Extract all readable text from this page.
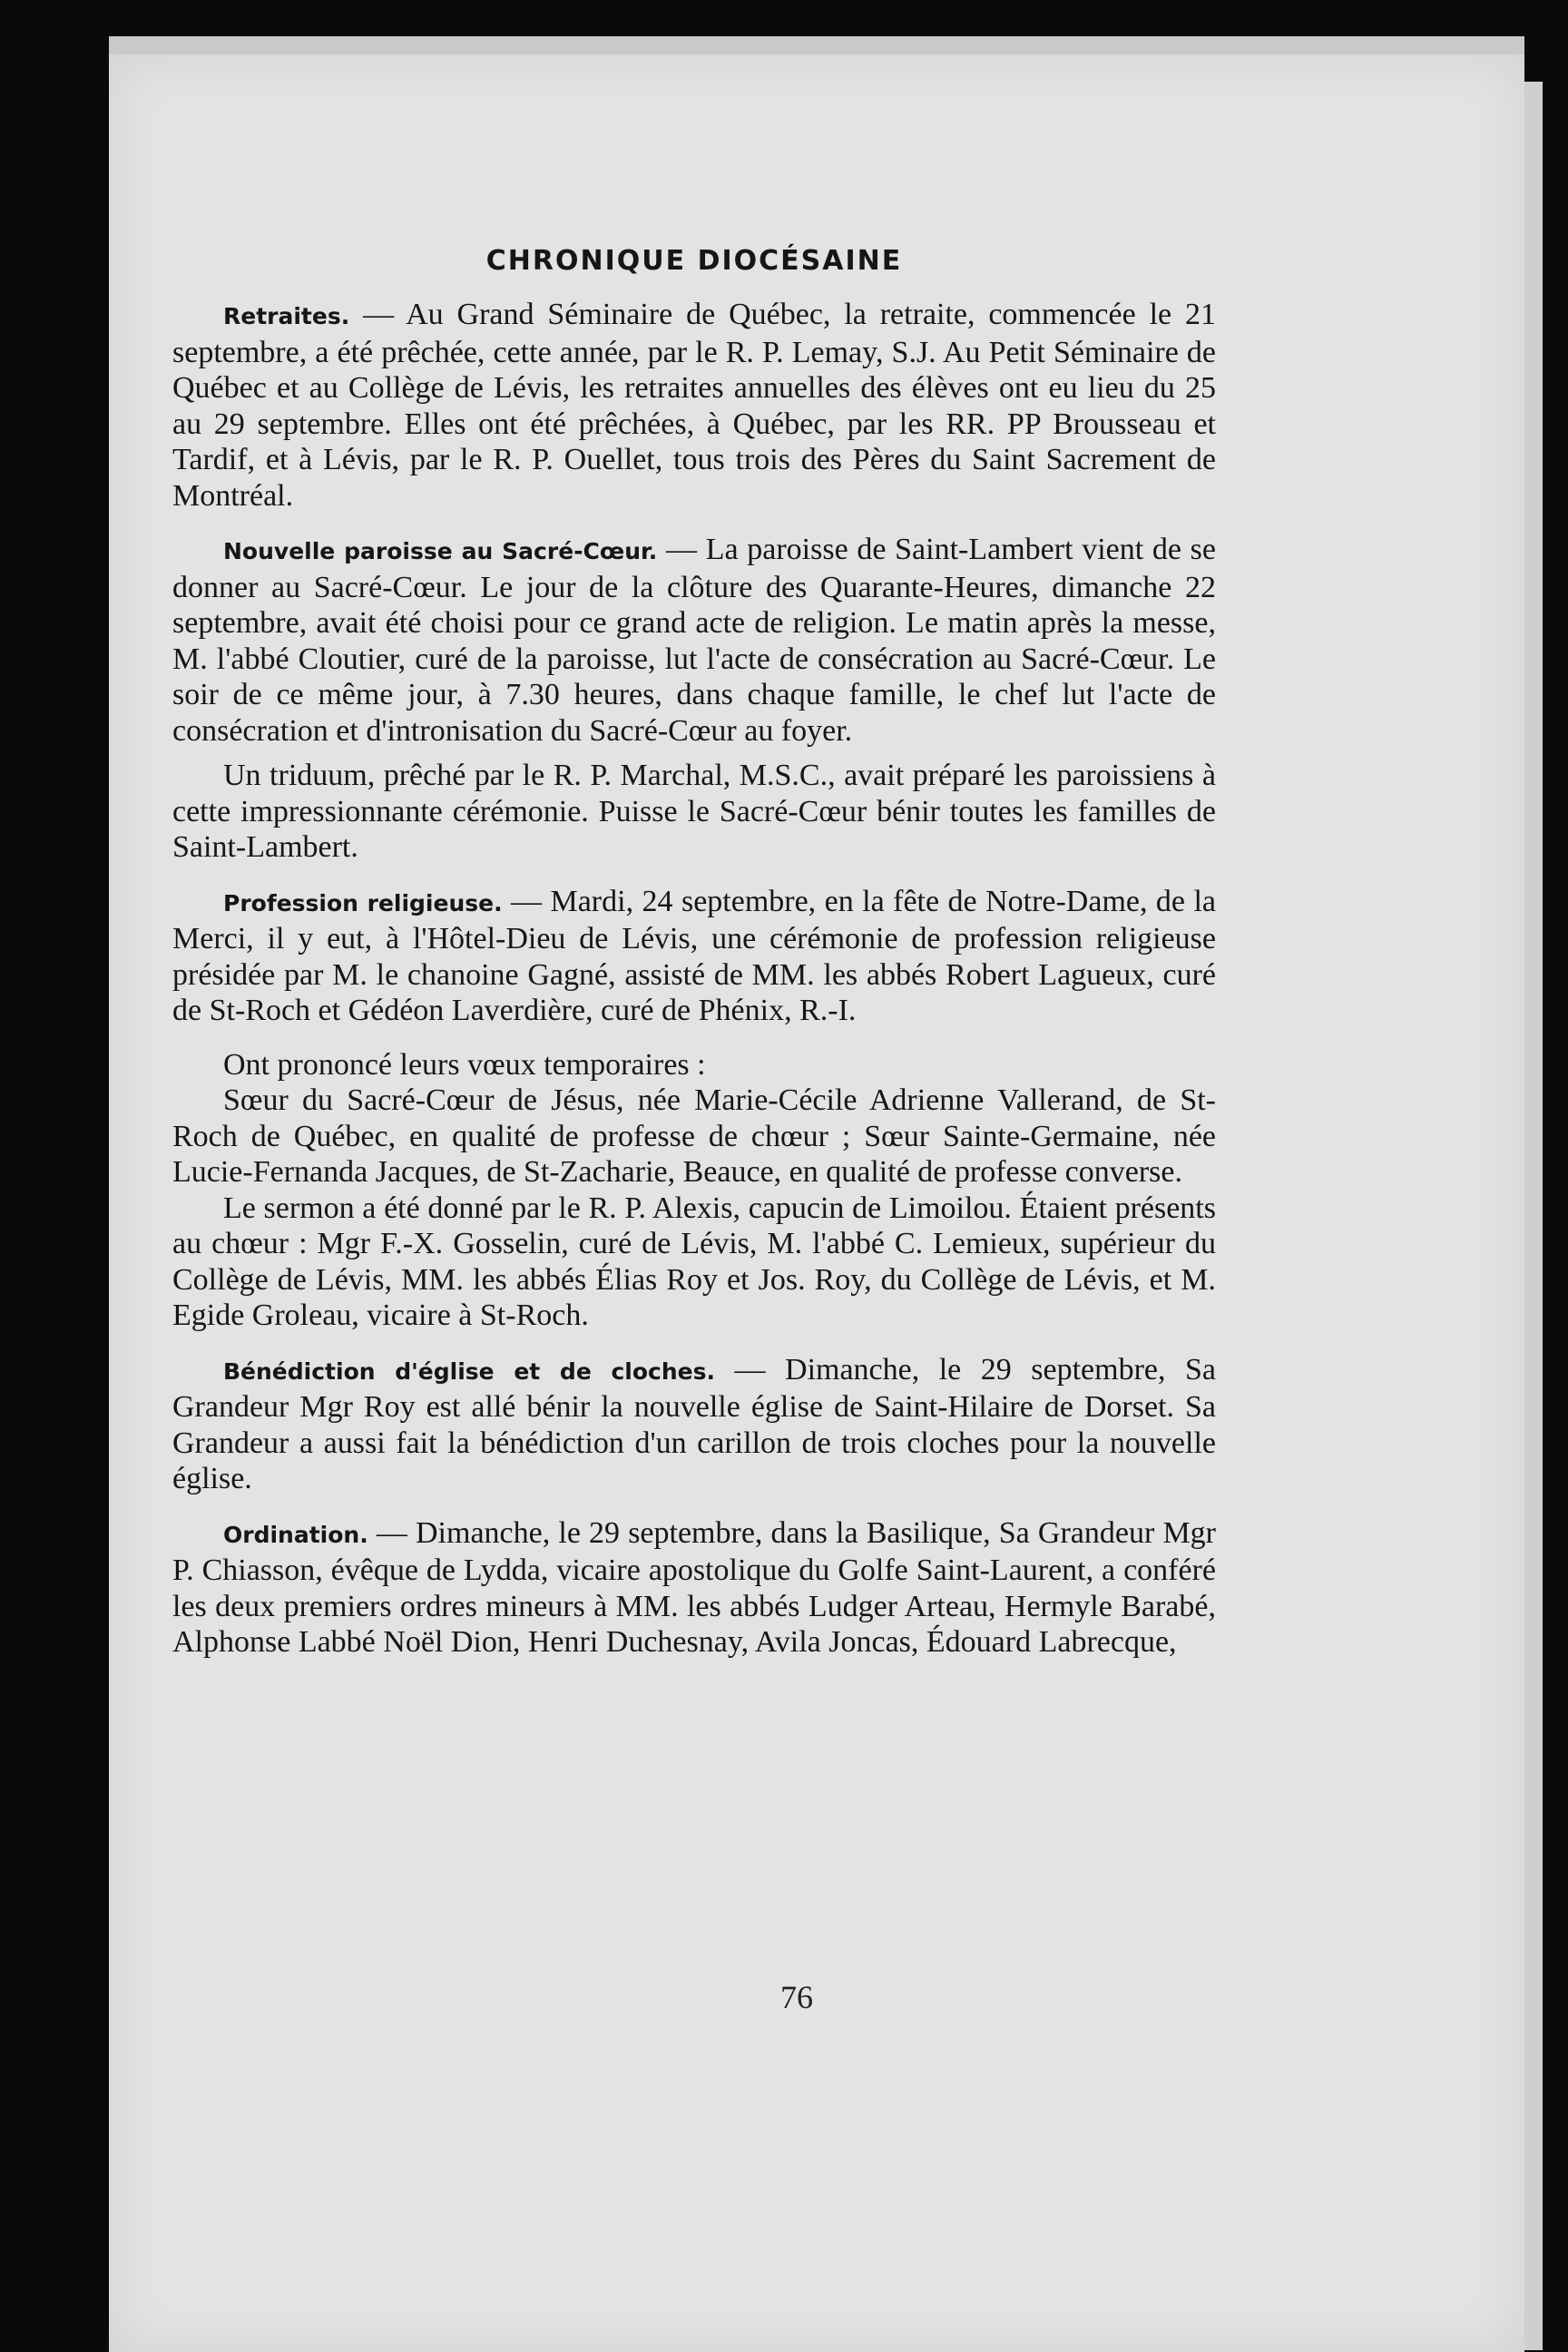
CHRONIQUE DIOCÉSAINE

Retraites. — Au Grand Séminaire de Québec, la retraite, commencée le 21 septembre, a été prêchée, cette année, par le R. P. Lemay, S.J. Au Petit Séminaire de Québec et au Collège de Lévis, les retraites annuelles des élèves ont eu lieu du 25 au 29 septembre. Elles ont été prêchées, à Québec, par les RR. PP Brousseau et Tardif, et à Lévis, par le R. P. Ouellet, tous trois des Pères du Saint Sacrement de Montréal.

Nouvelle paroisse au Sacré-Cœur. — La paroisse de Saint-Lambert vient de se donner au Sacré-Cœur. Le jour de la clôture des Quarante-Heures, dimanche 22 septembre, avait été choisi pour ce grand acte de religion. Le matin après la messe, M. l'abbé Cloutier, curé de la paroisse, lut l'acte de consécration au Sacré-Cœur. Le soir de ce même jour, à 7.30 heures, dans chaque famille, le chef lut l'acte de consécration et d'intronisation du Sacré-Cœur au foyer.

Un triduum, prêché par le R. P. Marchal, M.S.C., avait préparé les paroissiens à cette impressionnante cérémonie. Puisse le Sacré-Cœur bénir toutes les familles de Saint-Lambert.

Profession religieuse. — Mardi, 24 septembre, en la fête de Notre-Dame, de la Merci, il y eut, à l'Hôtel-Dieu de Lévis, une cérémonie de profession religieuse présidée par M. le chanoine Gagné, assisté de MM. les abbés Robert Lagueux, curé de St-Roch et Gédéon Laverdière, curé de Phénix, R.-I.

Ont prononcé leurs vœux temporaires :

Sœur du Sacré-Cœur de Jésus, née Marie-Cécile Adrienne Vallerand, de St-Roch de Québec, en qualité de professe de chœur ; Sœur Sainte-Germaine, née Lucie-Fernanda Jacques, de St-Zacharie, Beauce, en qualité de professe converse.

Le sermon a été donné par le R. P. Alexis, capucin de Limoilou. Étaient présents au chœur : Mgr F.-X. Gosselin, curé de Lévis, M. l'abbé C. Lemieux, supérieur du Collège de Lévis, MM. les abbés Élias Roy et Jos. Roy, du Collège de Lévis, et M. Egide Groleau, vicaire à St-Roch.

Bénédiction d'église et de cloches. — Dimanche, le 29 septembre, Sa Grandeur Mgr Roy est allé bénir la nouvelle église de Saint-Hilaire de Dorset. Sa Grandeur a aussi fait la bénédiction d'un carillon de trois cloches pour la nouvelle église.

Ordination. — Dimanche, le 29 septembre, dans la Basilique, Sa Grandeur Mgr P. Chiasson, évêque de Lydda, vicaire apostolique du Golfe Saint-Laurent, a conféré les deux premiers ordres mineurs à MM. les abbés Ludger Arteau, Hermyle Barabé, Alphonse Labbé Noël Dion, Henri Duchesnay, Avila Joncas, Édouard Labrecque,

76
